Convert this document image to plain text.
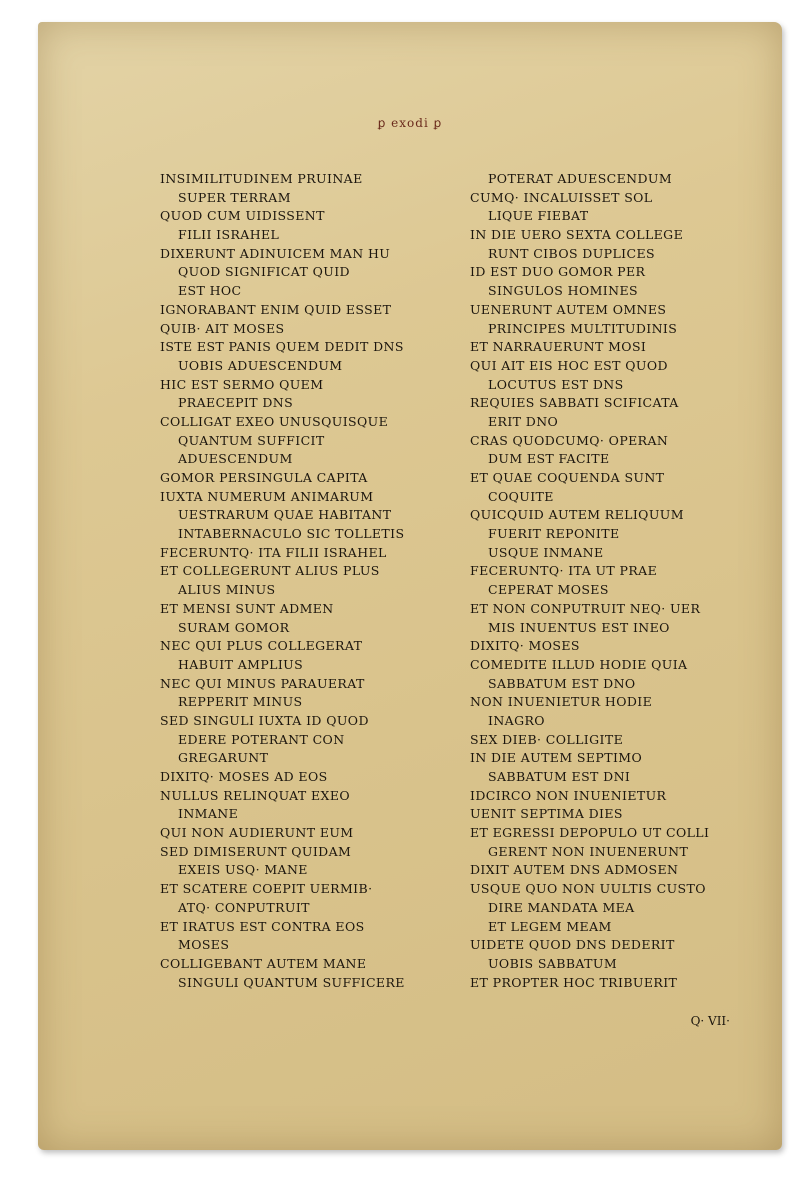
ꝑ exodi ꝑ
INSIMILITUDINEM PRUINAE
SUPER TERRAM
QUOD CUM UIDISSENT
FILII ISRAHEL
DIXERUNT ADINUICEM MAN HU
QUOD SIGNIFICAT QUID
EST HOC
IGNORABANT ENIM QUID ESSET
QUIB· AIT MOSES
ISTE EST PANIS QUEM DEDIT DNS
UOBIS ADUESCENDUM
HIC EST SERMO QUEM
PRAECEPIT DNS
COLLIGAT EXEO UNUSQUISQUE
QUANTUM SUFFICIT
ADUESCENDUM
GOMOR PERSINGULA CAPITA
IUXTA NUMERUM ANIMARUM
UESTRARUM QUAE HABITANT
INTABERNACULO SIC TOLLETIS
FECERUNTQ· ITA FILII ISRAHEL
ET COLLEGERUNT ALIUS PLUS
ALIUS MINUS
ET MENSI SUNT ADMEN
SURAM GOMOR
NEC QUI PLUS COLLEGERAT
HABUIT AMPLIUS
NEC QUI MINUS PARAUERAT
REPPERIT MINUS
SED SINGULI IUXTA ID QUOD
EDERE POTERANT CON
GREGARUNT
DIXITQ· MOSES AD EOS
NULLUS RELINQUAT EXEO
INMANE
QUI NON AUDIERUNT EUM
SED DIMISERUNT QUIDAM
EXEIS USQ· MANE
ET SCATERE COEPIT UERMIB·
ATQ· CONPUTRUIT
ET IRATUS EST CONTRA EOS
MOSES
COLLIGEBANT AUTEM MANE
SINGULI QUANTUM SUFFICERE
POTERAT ADUESCENDUM
CUMQ· INCALUISSET SOL
LIQUE FIEBAT
IN DIE UERO SEXTA COLLEGE
RUNT CIBOS DUPLICES
ID EST DUO GOMOR PER
SINGULOS HOMINES
UENERUNT AUTEM OMNES
PRINCIPES MULTITUDINIS
ET NARRAUERUNT MOSI
QUI AIT EIS HOC EST QUOD
LOCUTUS EST DNS
REQUIES SABBATI SCIFICATA
ERIT DNO
CRAS QUODCUMQ· OPERAN
DUM EST FACITE
ET QUAE COQUENDA SUNT
COQUITE
QUICQUID AUTEM RELIQUUM
FUERIT REPONITE
USQUE INMANE
FECERUNTQ· ITA UT PRAE
CEPERAT MOSES
ET NON CONPUTRUIT NEQ· UER
MIS INUENTUS EST INEO
DIXITQ· MOSES
COMEDITE ILLUD HODIE QUIA
SABBATUM EST DNO
NON INUENIETUR HODIE
INAGRO
SEX DIEB· COLLIGITE
IN DIE AUTEM SEPTIMO
SABBATUM EST DNI
IDCIRCO NON INUENIETUR
UENIT SEPTIMA DIES
ET EGRESSI DEPOPULO UT COLLI
GERENT NON INUENERUNT
DIXIT AUTEM DNS ADMOSEN
USQUE QUO NON UULTIS CUSTO
DIRE MANDATA MEA
ET LEGEM MEAM
UIDETE QUOD DNS DEDERIT
UOBIS SABBATUM
ET PROPTER HOC TRIBUERIT
Q· VII·
